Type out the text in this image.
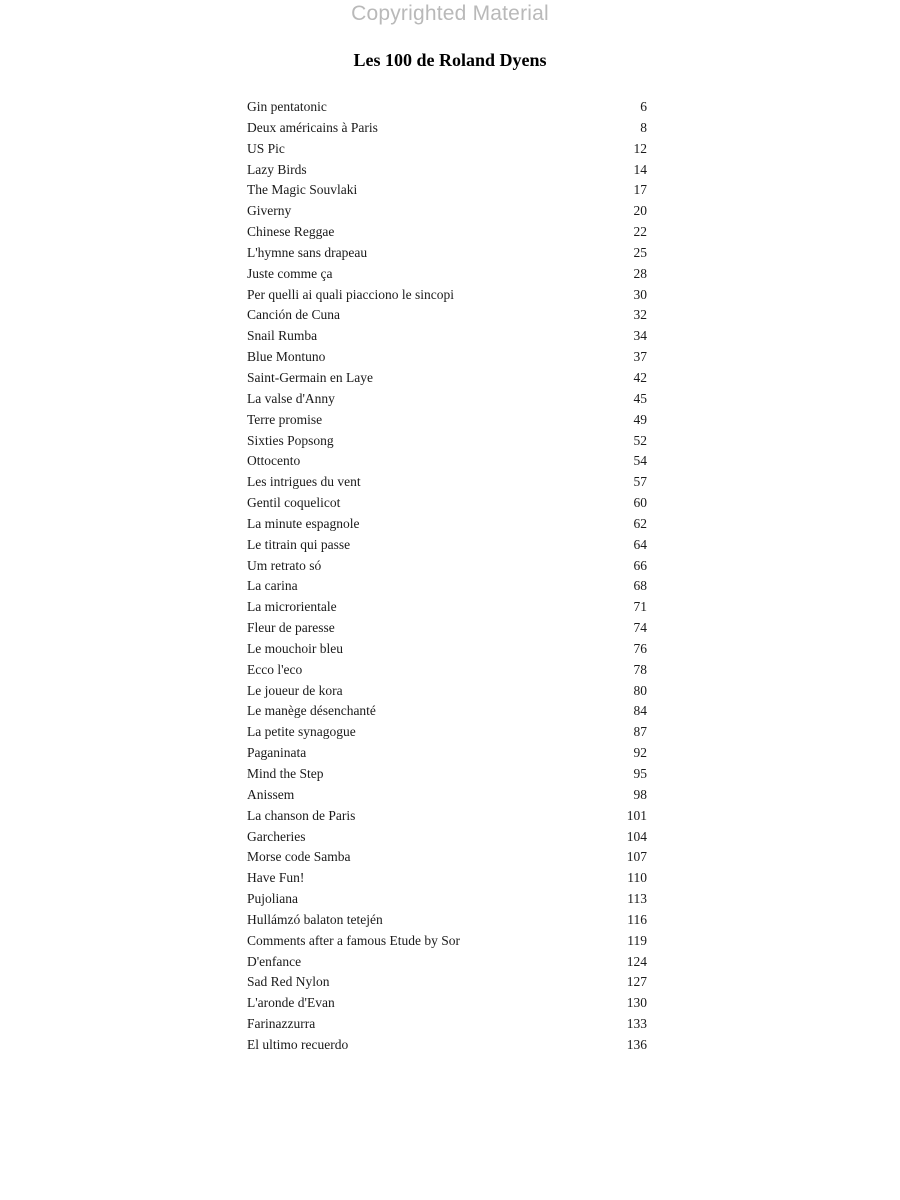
Copyrighted Material
Les 100 de Roland Dyens
Gin pentatonic	6
Deux américains à Paris	8
US Pic	12
Lazy Birds	14
The Magic Souvlaki	17
Giverny	20
Chinese Reggae	22
L'hymne sans drapeau	25
Juste comme ça	28
Per quelli ai quali piacciono le sincopi	30
Canción de Cuna	32
Snail Rumba	34
Blue Montuno	37
Saint-Germain en Laye	42
La valse d'Anny	45
Terre promise	49
Sixties Popsong	52
Ottocento	54
Les intrigues du vent	57
Gentil coquelicot	60
La minute espagnole	62
Le titrain qui passe	64
Um retrato só	66
La carina	68
La microrientale	71
Fleur de paresse	74
Le mouchoir bleu	76
Ecco l'eco	78
Le joueur de kora	80
Le manège désenchanté	84
La petite synagogue	87
Paganinata	92
Mind the Step	95
Anissem	98
La chanson de Paris	101
Garcheries	104
Morse code Samba	107
Have Fun!	110
Pujoliana	113
Hullámzó balaton tetején	116
Comments after a famous Etude by Sor	119
D'enfance	124
Sad Red Nylon	127
L'aronde d'Evan	130
Farinazzurra	133
El ultimo recuerdo	136
